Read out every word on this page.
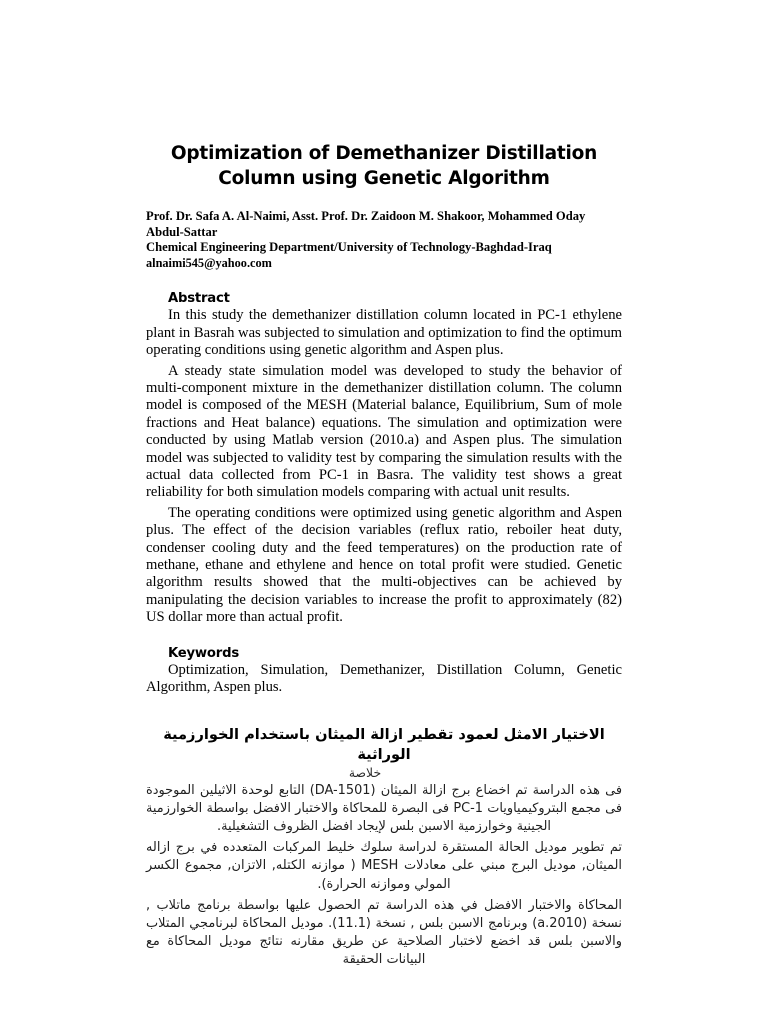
Optimization of Demethanizer Distillation
Column using Genetic Algorithm
Prof. Dr. Safa A. Al-Naimi, Asst. Prof. Dr. Zaidoon M. Shakoor, Mohammed Oday Abdul-Sattar
Chemical Engineering Department/University of Technology-Baghdad-Iraq
alnaimi545@yahoo.com
Abstract

In this study the demethanizer distillation column located in PC-1 ethylene plant in Basrah was subjected to simulation and optimization to find the optimum operating conditions using genetic algorithm and Aspen plus.

A steady state simulation model was developed to study the behavior of multi-component mixture in the demethanizer distillation column. The column model is composed of the MESH (Material balance, Equilibrium, Sum of mole fractions and Heat balance) equations. The simulation and optimization were conducted by using Matlab version (2010.a) and Aspen plus. The simulation model was subjected to validity test by comparing the simulation results with the actual data collected from PC-1 in Basra. The validity test shows a great reliability for both simulation models comparing with actual unit results.

The operating conditions were optimized using genetic algorithm and Aspen plus. The effect of the decision variables (reflux ratio, reboiler heat duty, condenser cooling duty and the feed temperatures) on the production rate of methane, ethane and ethylene and hence on total profit were studied. Genetic algorithm results showed that the multi-objectives can be achieved by manipulating the decision variables to increase the profit to approximately (82) US dollar more than actual profit.

Keywords

Optimization, Simulation, Demethanizer, Distillation Column, Genetic Algorithm, Aspen plus.

الاختيار الامثل لعمود تقطير ازالة الميثان باستخدام الخوارزمية الوراثية
خلاصة

فى هذه الدراسة تم اخضاع برج ازالة الميثان (DA-1501) التابع لوحدة الاثيلين الموجودة فى مجمع البتروكيمياويات PC-1 فى البصرة للمحاكاة والاختبار الافضل بواسطة الخوارزمية الجينية وخوارزمية الاسبن بلس لإيجاد افضل الظروف التشغيلية.

تم تطوير موديل الحالة المستقرة لدراسة سلوك خليط المركبات المتعدده في برج ازاله الميثان, موديل البرج مبني على معادلات MESH ( موازنه الكتله, الاتزان, مجموع الكسر المولي وموازنه الحرارة).

المحاكاة والاختبار الافضل في هذه الدراسة تم الحصول عليها بواسطة برنامج ماتلاب , نسخة (2010.a) وبرنامج الاسبن بلس , نسخة (11.1). موديل المحاكاة لبرنامجي المتلاب والاسبن بلس قد اخضع لاختبار الصلاحية عن طريق مقارنه نتائج موديل المحاكاة مع البيانات الحقيقة
